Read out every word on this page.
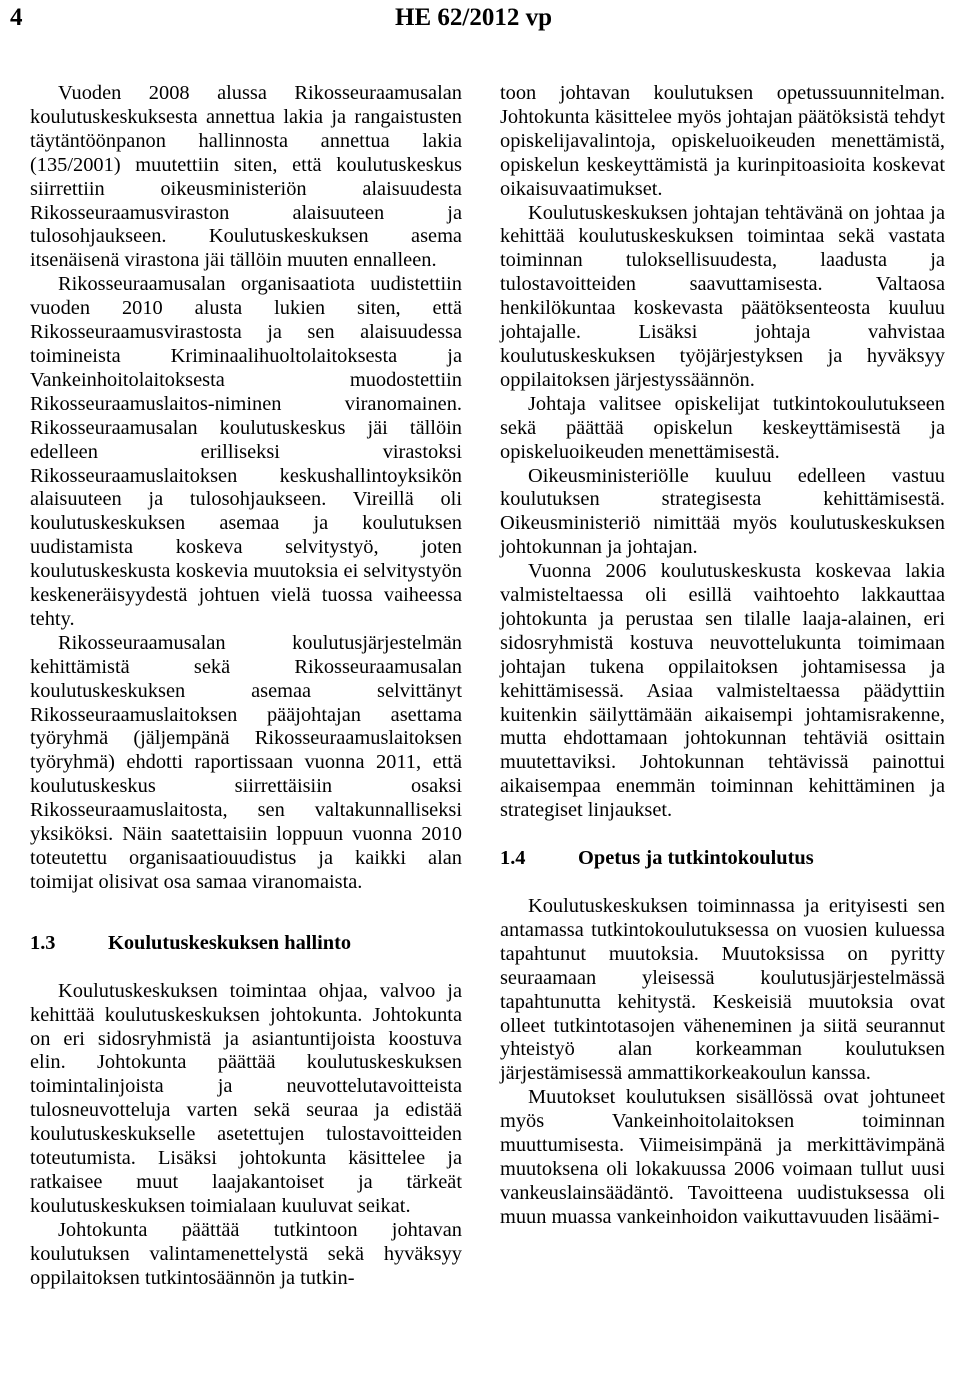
4	HE 62/2012 vp

Vuoden 2008 alussa Rikosseuraamusalan koulutuskeskuksesta annettua lakia ja rangaistusten täytäntöönpanon hallinnosta annettua lakia (135/2001) muutettiin siten, että koulutuskeskus siirrettiin oikeusministeriön alaisuudesta Rikosseuraamusviraston alaisuuteen ja tulosohjaukseen. Koulutuskeskuksen asema itsenäisenä virastona jäi tällöin muuten ennalleen.

Rikosseuraamusalan organisaatiota uudistettiin vuoden 2010 alusta lukien siten, että Rikosseuraamusvirastosta ja sen alaisuudessa toimineista Kriminaalihuoltolaitoksesta ja Vankeinhoitolaitoksesta muodostettiin Rikosseuraamuslaitos-niminen viranomainen. Rikosseuraamusalan koulutuskeskus jäi tällöin edelleen erilliseksi virastoksi Rikosseuraamuslaitoksen keskushallintoyksikön alaisuuteen ja tulosohjaukseen. Vireillä oli koulutuskeskuksen asemaa ja koulutuksen uudistamista koskeva selvitystyö, joten koulutuskeskusta koskevia muutoksia ei selvitystyön keskeneräisyydestä johtuen vielä tuossa vaiheessa tehty.

Rikosseuraamusalan koulutusjärjestelmän kehittämistä sekä Rikosseuraamusalan koulutuskeskuksen asemaa selvittänyt Rikosseuraamuslaitoksen pääjohtajan asettama työryhmä (jäljempänä Rikosseuraamuslaitoksen työryhmä) ehdotti raportissaan vuonna 2011, että koulutuskeskus siirrettäisiin osaksi Rikosseuraamuslaitosta, sen valtakunnalliseksi yksiköksi. Näin saatettaisiin loppuun vuonna 2010 toteutettu organisaatiouudistus ja kaikki alan toimijat olisivat osa samaa viranomaista.

1.3	Koulutuskeskuksen hallinto

Koulutuskeskuksen toimintaa ohjaa, valvoo ja kehittää koulutuskeskuksen johtokunta. Johtokunta on eri sidosryhmistä ja asiantuntijoista koostuva elin. Johtokunta päättää koulutuskeskuksen toimintalinjoista ja neuvottelutavoitteista tulosneuvotteluja varten sekä seuraa ja edistää koulutuskeskukselle asetettujen tulostavoitteiden toteutumista. Lisäksi johtokunta käsittelee ja ratkaisee muut laajakantoiset ja tärkeät koulutuskeskuksen toimialaan kuuluvat seikat.

Johtokunta päättää tutkintoon johtavan koulutuksen valintamenettelystä sekä hyväksyy oppilaitoksen tutkintosäännön ja tutkin-

toon johtavan koulutuksen opetussuunnitelman. Johtokunta käsittelee myös johtajan päätöksistä tehdyt opiskelijavalintoja, opiskeluoikeuden menettämistä, opiskelun keskeyttämistä ja kurinpitoasioita koskevat oikaisuvaatimukset.

Koulutuskeskuksen johtajan tehtävänä on johtaa ja kehittää koulutuskeskuksen toimintaa sekä vastata toiminnan tuloksellisuudesta, laadusta ja tulostavoitteiden saavuttamisesta. Valtaosa henkilökuntaa koskevasta päätöksenteosta kuuluu johtajalle. Lisäksi johtaja vahvistaa koulutuskeskuksen työjärjestyksen ja hyväksyy oppilaitoksen järjestyssäännön.

Johtaja valitsee opiskelijat tutkintokoulutukseen sekä päättää opiskelun keskeyttämisestä ja opiskeluoikeuden menettämisestä.

Oikeusministeriölle kuuluu edelleen vastuu koulutuksen strategisesta kehittämisestä. Oikeusministeriö nimittää myös koulutuskeskuksen johtokunnan ja johtajan.

Vuonna 2006 koulutuskeskusta koskevaa lakia valmisteltaessa oli esillä vaihtoehto lakkauttaa johtokunta ja perustaa sen tilalle laaja-alainen, eri sidosryhmistä kostuva neuvottelukunta toimimaan johtajan tukena oppilaitoksen johtamisessa ja kehittämisessä. Asiaa valmisteltaessa päädyttiin kuitenkin säilyttämään aikaisempi johtamisrakenne, mutta ehdottamaan johtokunnan tehtäviä osittain muutettaviksi. Johtokunnan tehtävissä painottui aikaisempaa enemmän toiminnan kehittäminen ja strategiset linjaukset.

1.4	Opetus ja tutkintokoulutus

Koulutuskeskuksen toiminnassa ja erityisesti sen antamassa tutkintokoulutuksessa on vuosien kuluessa tapahtunut muutoksia. Muutoksissa on pyritty seuraamaan yleisessä koulutusjärjestelmässä tapahtunutta kehitystä. Keskeisiä muutoksia ovat olleet tutkintotasojen väheneminen ja siitä seurannut yhteistyö alan korkeamman koulutuksen järjestämisessä ammattikorkeakoulun kanssa.

Muutokset koulutuksen sisällössä ovat johtuneet myös Vankeinhoitolaitoksen toiminnan muuttumisesta. Viimeisimpänä ja merkittävimpänä muutoksena oli lokakuussa 2006 voimaan tullut uusi vankeuslainsäädäntö. Tavoitteena uudistuksessa oli muun muassa vankeinhoidon vaikuttavuuden lisäämi-
